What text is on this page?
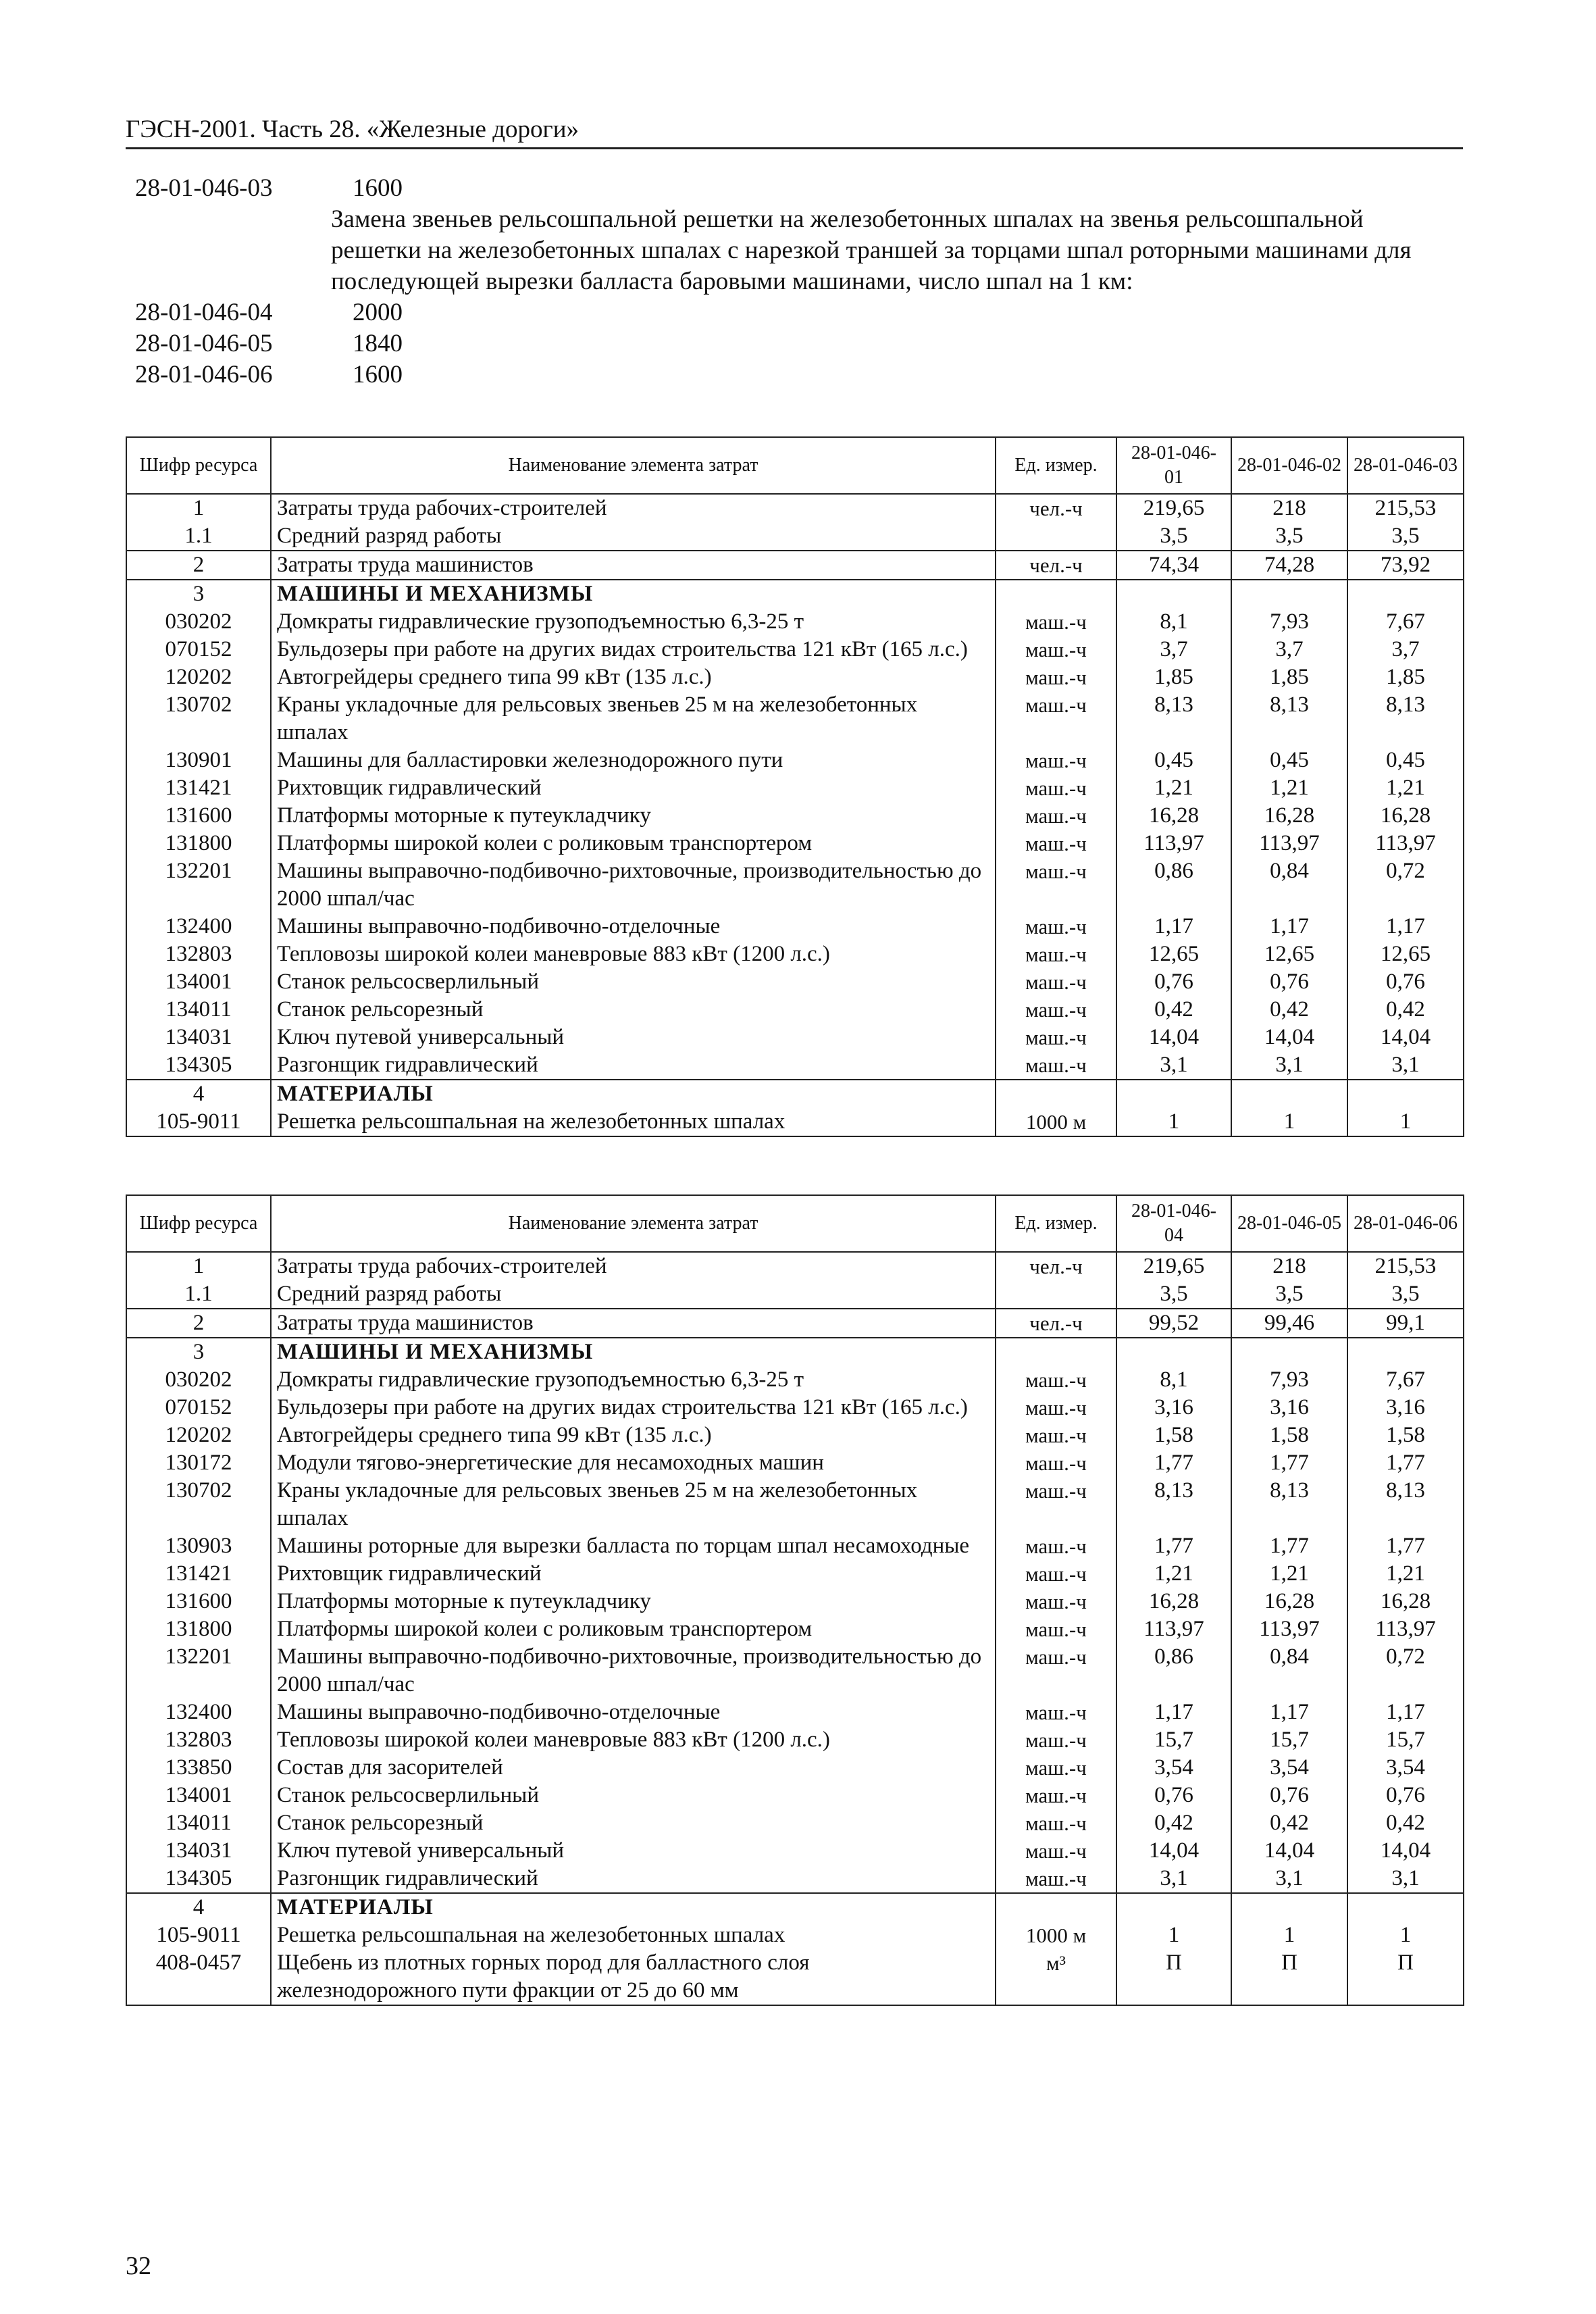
ГЭСН-2001. Часть 28. «Железные дороги»
28-01-046-03	1600
Замена звеньев рельсошпальной решетки на железобетонных шпалах на звенья рельсошпальной решетки на железобетонных шпалах с нарезкой траншей за торцами шпал роторными машинами для последующей вырезки балласта баровыми машинами, число шпал на 1 км:
28-01-046-04	2000
28-01-046-05	1840
28-01-046-06	1600
Шифр ресурса	Наименование элемента затрат	Ед. измер.	28-01-046-01	28-01-046-02	28-01-046-03
1	Затраты труда рабочих-строителей	чел.-ч	219,65	218	215,53
1.1	Средний разряд работы		3,5	3,5	3,5
2	Затраты труда машинистов	чел.-ч	74,34	74,28	73,92
3	МАШИНЫ И МЕХАНИЗМЫ				
030202	Домкраты гидравлические грузоподъемностью 6,3-25 т	маш.-ч	8,1	7,93	7,67
070152	Бульдозеры при работе на других видах строительства 121 кВт (165 л.с.)	маш.-ч	3,7	3,7	3,7
120202	Автогрейдеры среднего типа 99 кВт (135 л.с.)	маш.-ч	1,85	1,85	1,85
130702	Краны укладочные для рельсовых звеньев 25 м на железобетонных шпалах	маш.-ч	8,13	8,13	8,13
130901	Машины для балластировки железнодорожного пути	маш.-ч	0,45	0,45	0,45
131421	Рихтовщик гидравлический	маш.-ч	1,21	1,21	1,21
131600	Платформы моторные к путеукладчику	маш.-ч	16,28	16,28	16,28
131800	Платформы широкой колеи с роликовым транспортером	маш.-ч	113,97	113,97	113,97
132201	Машины выправочно-подбивочно-рихтовочные, производительностью до 2000 шпал/час	маш.-ч	0,86	0,84	0,72
132400	Машины выправочно-подбивочно-отделочные	маш.-ч	1,17	1,17	1,17
132803	Тепловозы широкой колеи маневровые 883 кВт (1200 л.с.)	маш.-ч	12,65	12,65	12,65
134001	Станок рельсосверлильный	маш.-ч	0,76	0,76	0,76
134011	Станок рельсорезный	маш.-ч	0,42	0,42	0,42
134031	Ключ путевой универсальный	маш.-ч	14,04	14,04	14,04
134305	Разгонщик гидравлический	маш.-ч	3,1	3,1	3,1
4	МАТЕРИАЛЫ				
105-9011	Решетка рельсошпальная на железобетонных шпалах	1000 м	1	1	1
Шифр ресурса	Наименование элемента затрат	Ед. измер.	28-01-046-04	28-01-046-05	28-01-046-06
1	Затраты труда рабочих-строителей	чел.-ч	219,65	218	215,53
1.1	Средний разряд работы		3,5	3,5	3,5
2	Затраты труда машинистов	чел.-ч	99,52	99,46	99,1
3	МАШИНЫ И МЕХАНИЗМЫ				
030202	Домкраты гидравлические грузоподъемностью 6,3-25 т	маш.-ч	8,1	7,93	7,67
070152	Бульдозеры при работе на других видах строительства 121 кВт (165 л.с.)	маш.-ч	3,16	3,16	3,16
120202	Автогрейдеры среднего типа 99 кВт (135 л.с.)	маш.-ч	1,58	1,58	1,58
130172	Модули тягово-энергетические для несамоходных машин	маш.-ч	1,77	1,77	1,77
130702	Краны укладочные для рельсовых звеньев 25 м на железобетонных шпалах	маш.-ч	8,13	8,13	8,13
130903	Машины роторные для вырезки балласта по торцам шпал несамоходные	маш.-ч	1,77	1,77	1,77
131421	Рихтовщик гидравлический	маш.-ч	1,21	1,21	1,21
131600	Платформы моторные к путеукладчику	маш.-ч	16,28	16,28	16,28
131800	Платформы широкой колеи с роликовым транспортером	маш.-ч	113,97	113,97	113,97
132201	Машины выправочно-подбивочно-рихтовочные, производительностью до 2000 шпал/час	маш.-ч	0,86	0,84	0,72
132400	Машины выправочно-подбивочно-отделочные	маш.-ч	1,17	1,17	1,17
132803	Тепловозы широкой колеи маневровые 883 кВт (1200 л.с.)	маш.-ч	15,7	15,7	15,7
133850	Состав для засорителей	маш.-ч	3,54	3,54	3,54
134001	Станок рельсосверлильный	маш.-ч	0,76	0,76	0,76
134011	Станок рельсорезный	маш.-ч	0,42	0,42	0,42
134031	Ключ путевой универсальный	маш.-ч	14,04	14,04	14,04
134305	Разгонщик гидравлический	маш.-ч	3,1	3,1	3,1
4	МАТЕРИАЛЫ				
105-9011	Решетка рельсошпальная на железобетонных шпалах	1000 м	1	1	1
408-0457	Щебень из плотных горных пород для балластного слоя железнодорожного пути фракции от 25 до 60 мм	м³	П	П	П
32
